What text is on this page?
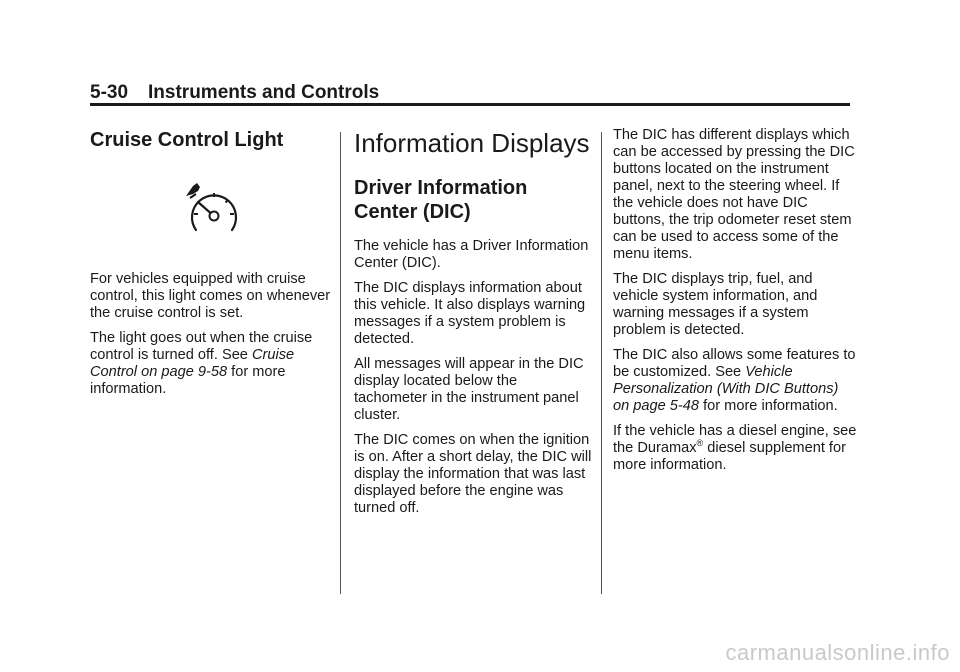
5-30 Instruments and Controls
Cruise Control Light

For vehicles equipped with cruise control, this light comes on whenever the cruise control is set.

The light goes out when the cruise control is turned off. See Cruise Control on page 9-58 for more information.

Information Displays
Driver Information Center (DIC)

The vehicle has a Driver Information Center (DIC).

The DIC displays information about this vehicle. It also displays warning messages if a system problem is detected.

All messages will appear in the DIC display located below the tachometer in the instrument panel cluster.

The DIC comes on when the ignition is on. After a short delay, the DIC will display the information that was last displayed before the engine was turned off.

The DIC has different displays which can be accessed by pressing the DIC buttons located on the instrument panel, next to the steering wheel. If the vehicle does not have DIC buttons, the trip odometer reset stem can be used to access some of the menu items.

The DIC displays trip, fuel, and vehicle system information, and warning messages if a system problem is detected.

The DIC also allows some features to be customized. See Vehicle Personalization (With DIC Buttons) on page 5-48 for more information.

If the vehicle has a diesel engine, see the Duramax® diesel supplement for more information.

carmanualsonline.info
